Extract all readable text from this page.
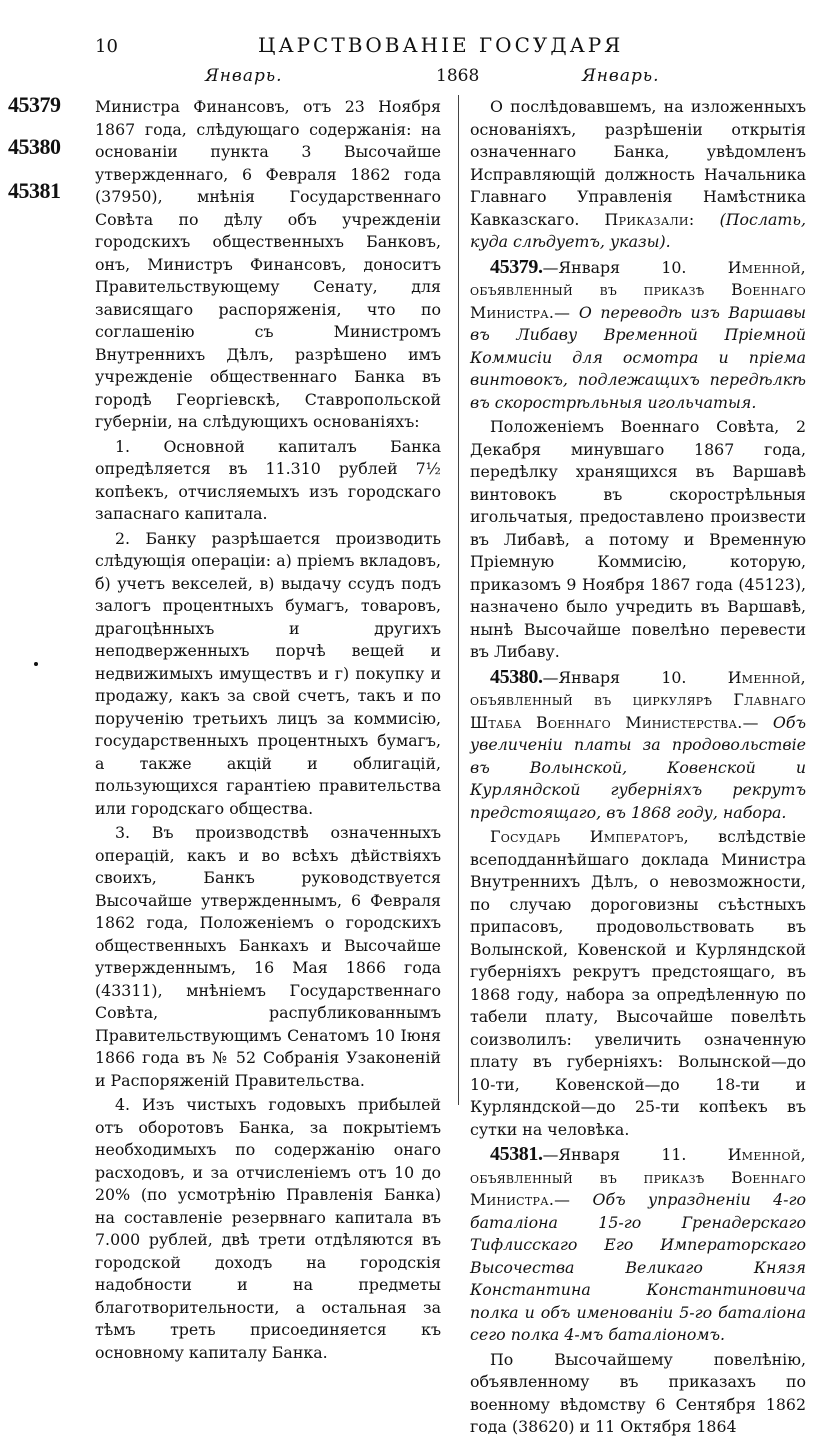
10	ЦАРСТВОВАНІЕ ГОСУДАРЯ
Январь.	1868	Январь.
45379
45380
45381

Министра Финансовъ, отъ 23 Ноября 1867 года, слѣдующаго содержанія: на основаніи пункта 3 Высочайше утвержденнаго, 6 Февраля 1862 года (37950), мнѣнія Государственнаго Совѣта по дѣлу объ учрежденіи городскихъ общественныхъ Банковъ, онъ, Министръ Финансовъ, доноситъ Правительствующему Сенату, для зависящаго распоряженія, что по соглашенію съ Министромъ Внутреннихъ Дѣлъ, разрѣшено имъ учрежденіе общественнаго Банка въ городѣ Георгіевскѣ, Ставропольской губерніи, на слѣдующихъ основаніяхъ:

1. Основной капиталъ Банка опредѣляется въ 11.310 рублей 7½ копѣекъ, отчисляемыхъ изъ городскаго запаснаго капитала.

2. Банку разрѣшается производить слѣдующія операціи: а) пріемъ вкладовъ, б) учетъ векселей, в) выдачу ссудъ подъ залогъ процентныхъ бумагъ, товаровъ, драгоцѣнныхъ и другихъ неподверженныхъ порчѣ вещей и недвижимыхъ имуществъ и г) покупку и продажу, какъ за свой счетъ, такъ и по порученію третьихъ лицъ за коммисію, государственныхъ процентныхъ бумагъ, а также акцій и облигацій, пользующихся гарантіею правительства или городскаго общества.

3. Въ производствѣ означенныхъ операцій, какъ и во всѣхъ дѣйствіяхъ своихъ, Банкъ руководствуется Высочайше утвержденнымъ, 6 Февраля 1862 года, Положеніемъ о городскихъ общественныхъ Банкахъ и Высочайше утвержденнымъ, 16 Мая 1866 года (43311), мнѣніемъ Государственнаго Совѣта, распубликованнымъ Правительствующимъ Сенатомъ 10 Іюня 1866 года въ № 52 Собранія Узаконеній и Распоряженій Правительства.

4. Изъ чистыхъ годовыхъ прибылей отъ оборотовъ Банка, за покрытіемъ необходимыхъ по содержанію онаго расходовъ, и за отчисленіемъ отъ 10 до 20% (по усмотрѣнію Правленія Банка) на составленіе резервнаго капитала въ 7.000 рублей, двѣ трети отдѣляются въ городской доходъ на городскія надобности и на предметы благотворительности, а остальная за тѣмъ треть присоединяется къ основному капиталу Банка.

О послѣдовавшемъ, на изложенныхъ основаніяхъ, разрѣшеніи открытія означеннаго Банка, увѣдомленъ Исправляющій должность Начальника Главнаго Управленія Намѣстника Кавказскаго. Приказали: (Послать, куда слѣдуетъ, указы).

45379.—Января 10.	Именной, объявленный въ приказѣ Военнаго Министра.— О переводѣ изъ Варшавы въ Либаву Временной Пріемной Коммисіи для осмотра и пріема винтовокъ, подлежащихъ передѣлкѣ въ скорострѣльныя игольчатыя.

Положеніемъ Военнаго Совѣта, 2 Декабря минувшаго 1867 года, передѣлку хранящихся въ Варшавѣ винтовокъ въ скорострѣльныя игольчатыя, предоставлено произвести въ Либавѣ, а потому и Временную Пріемную Коммисію, которую, приказомъ 9 Ноября 1867 года (45123), назначено было учредить въ Варшавѣ, нынѣ Высочайше повелѣно перевести въ Либаву.

45380.—Января 10.	Именной, объявленный въ циркулярѣ Главнаго Штаба Военнаго Министерства.— Объ увеличеніи платы за продовольствіе въ Волынской, Ковенской и Курляндской губерніяхъ рекрутъ предстоящаго, въ 1868 году, набора.

Государь Императоръ, вслѣдствіе всеподданнѣйшаго доклада Министра Внутреннихъ Дѣлъ, о невозможности, по случаю дороговизны съѣстныхъ припасовъ, продовольствовать въ Волынской, Ковенской и Курляндской губерніяхъ рекрутъ предстоящаго, въ 1868 году, набора за опредѣленную по табели плату, Высочайше повелѣть соизволилъ: увеличить означенную плату въ губерніяхъ: Волынской—до 10-ти, Ковенской—до 18-ти и Курляндской—до 25-ти копѣекъ въ сутки на человѣка.

45381.—Января 11.	Именной, объявленный въ приказѣ Военнаго Министра.— Объ упраздненіи 4-го баталіона 15-го Гренадерскаго Тифлисскаго Его Императорскаго Высочества Великаго Князя Константина Константиновича полка и объ именованіи 5-го баталіона сего полка 4-мъ баталіономъ.

По Высочайшему повелѣнію, объявленному въ приказахъ по военному вѣдомству 6 Сентября 1862 года (38620) и 11 Октября 1864
